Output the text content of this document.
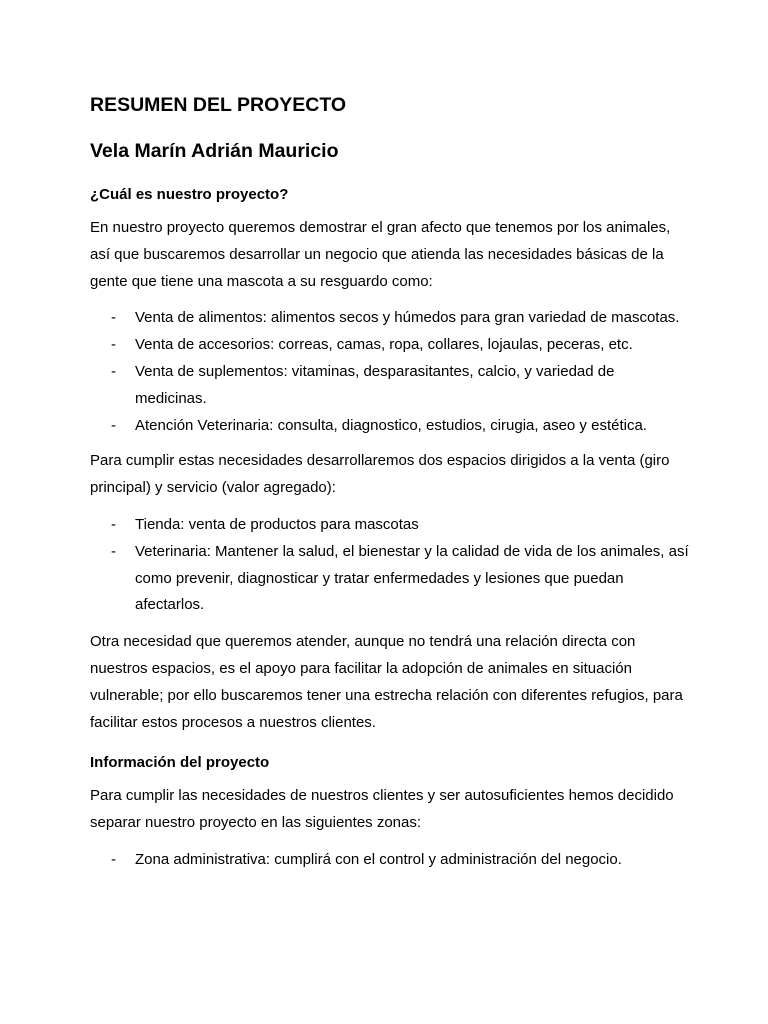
RESUMEN DEL PROYECTO
Vela Marín Adrián Mauricio
¿Cuál es nuestro proyecto?

En nuestro proyecto queremos demostrar el gran afecto que tenemos por los animales, así que buscaremos desarrollar un negocio que atienda las necesidades básicas de la gente que tiene una mascota a su resguardo como:

- Venta de alimentos: alimentos secos y húmedos para gran variedad de mascotas.
- Venta de accesorios: correas, camas, ropa, collares, lojaulas, peceras, etc.
- Venta de suplementos: vitaminas, desparasitantes, calcio, y variedad de medicinas.
- Atención Veterinaria: consulta, diagnostico, estudios, cirugia, aseo y estética.

Para cumplir estas necesidades desarrollaremos dos espacios dirigidos a la venta (giro principal) y servicio (valor agregado):

- Tienda: venta de productos para mascotas
- Veterinaria: Mantener la salud, el bienestar y la calidad de vida de los animales, así como prevenir, diagnosticar y tratar enfermedades y lesiones que puedan afectarlos.

Otra necesidad que queremos atender, aunque no tendrá una relación directa con nuestros espacios, es el apoyo para facilitar la adopción de animales en situación vulnerable; por ello buscaremos tener una estrecha relación con diferentes refugios, para facilitar estos procesos a nuestros clientes.

Información del proyecto

Para cumplir las necesidades de nuestros clientes y ser autosuficientes hemos decidido separar nuestro proyecto en las siguientes zonas:

- Zona administrativa: cumplirá con el control y administración del negocio.
